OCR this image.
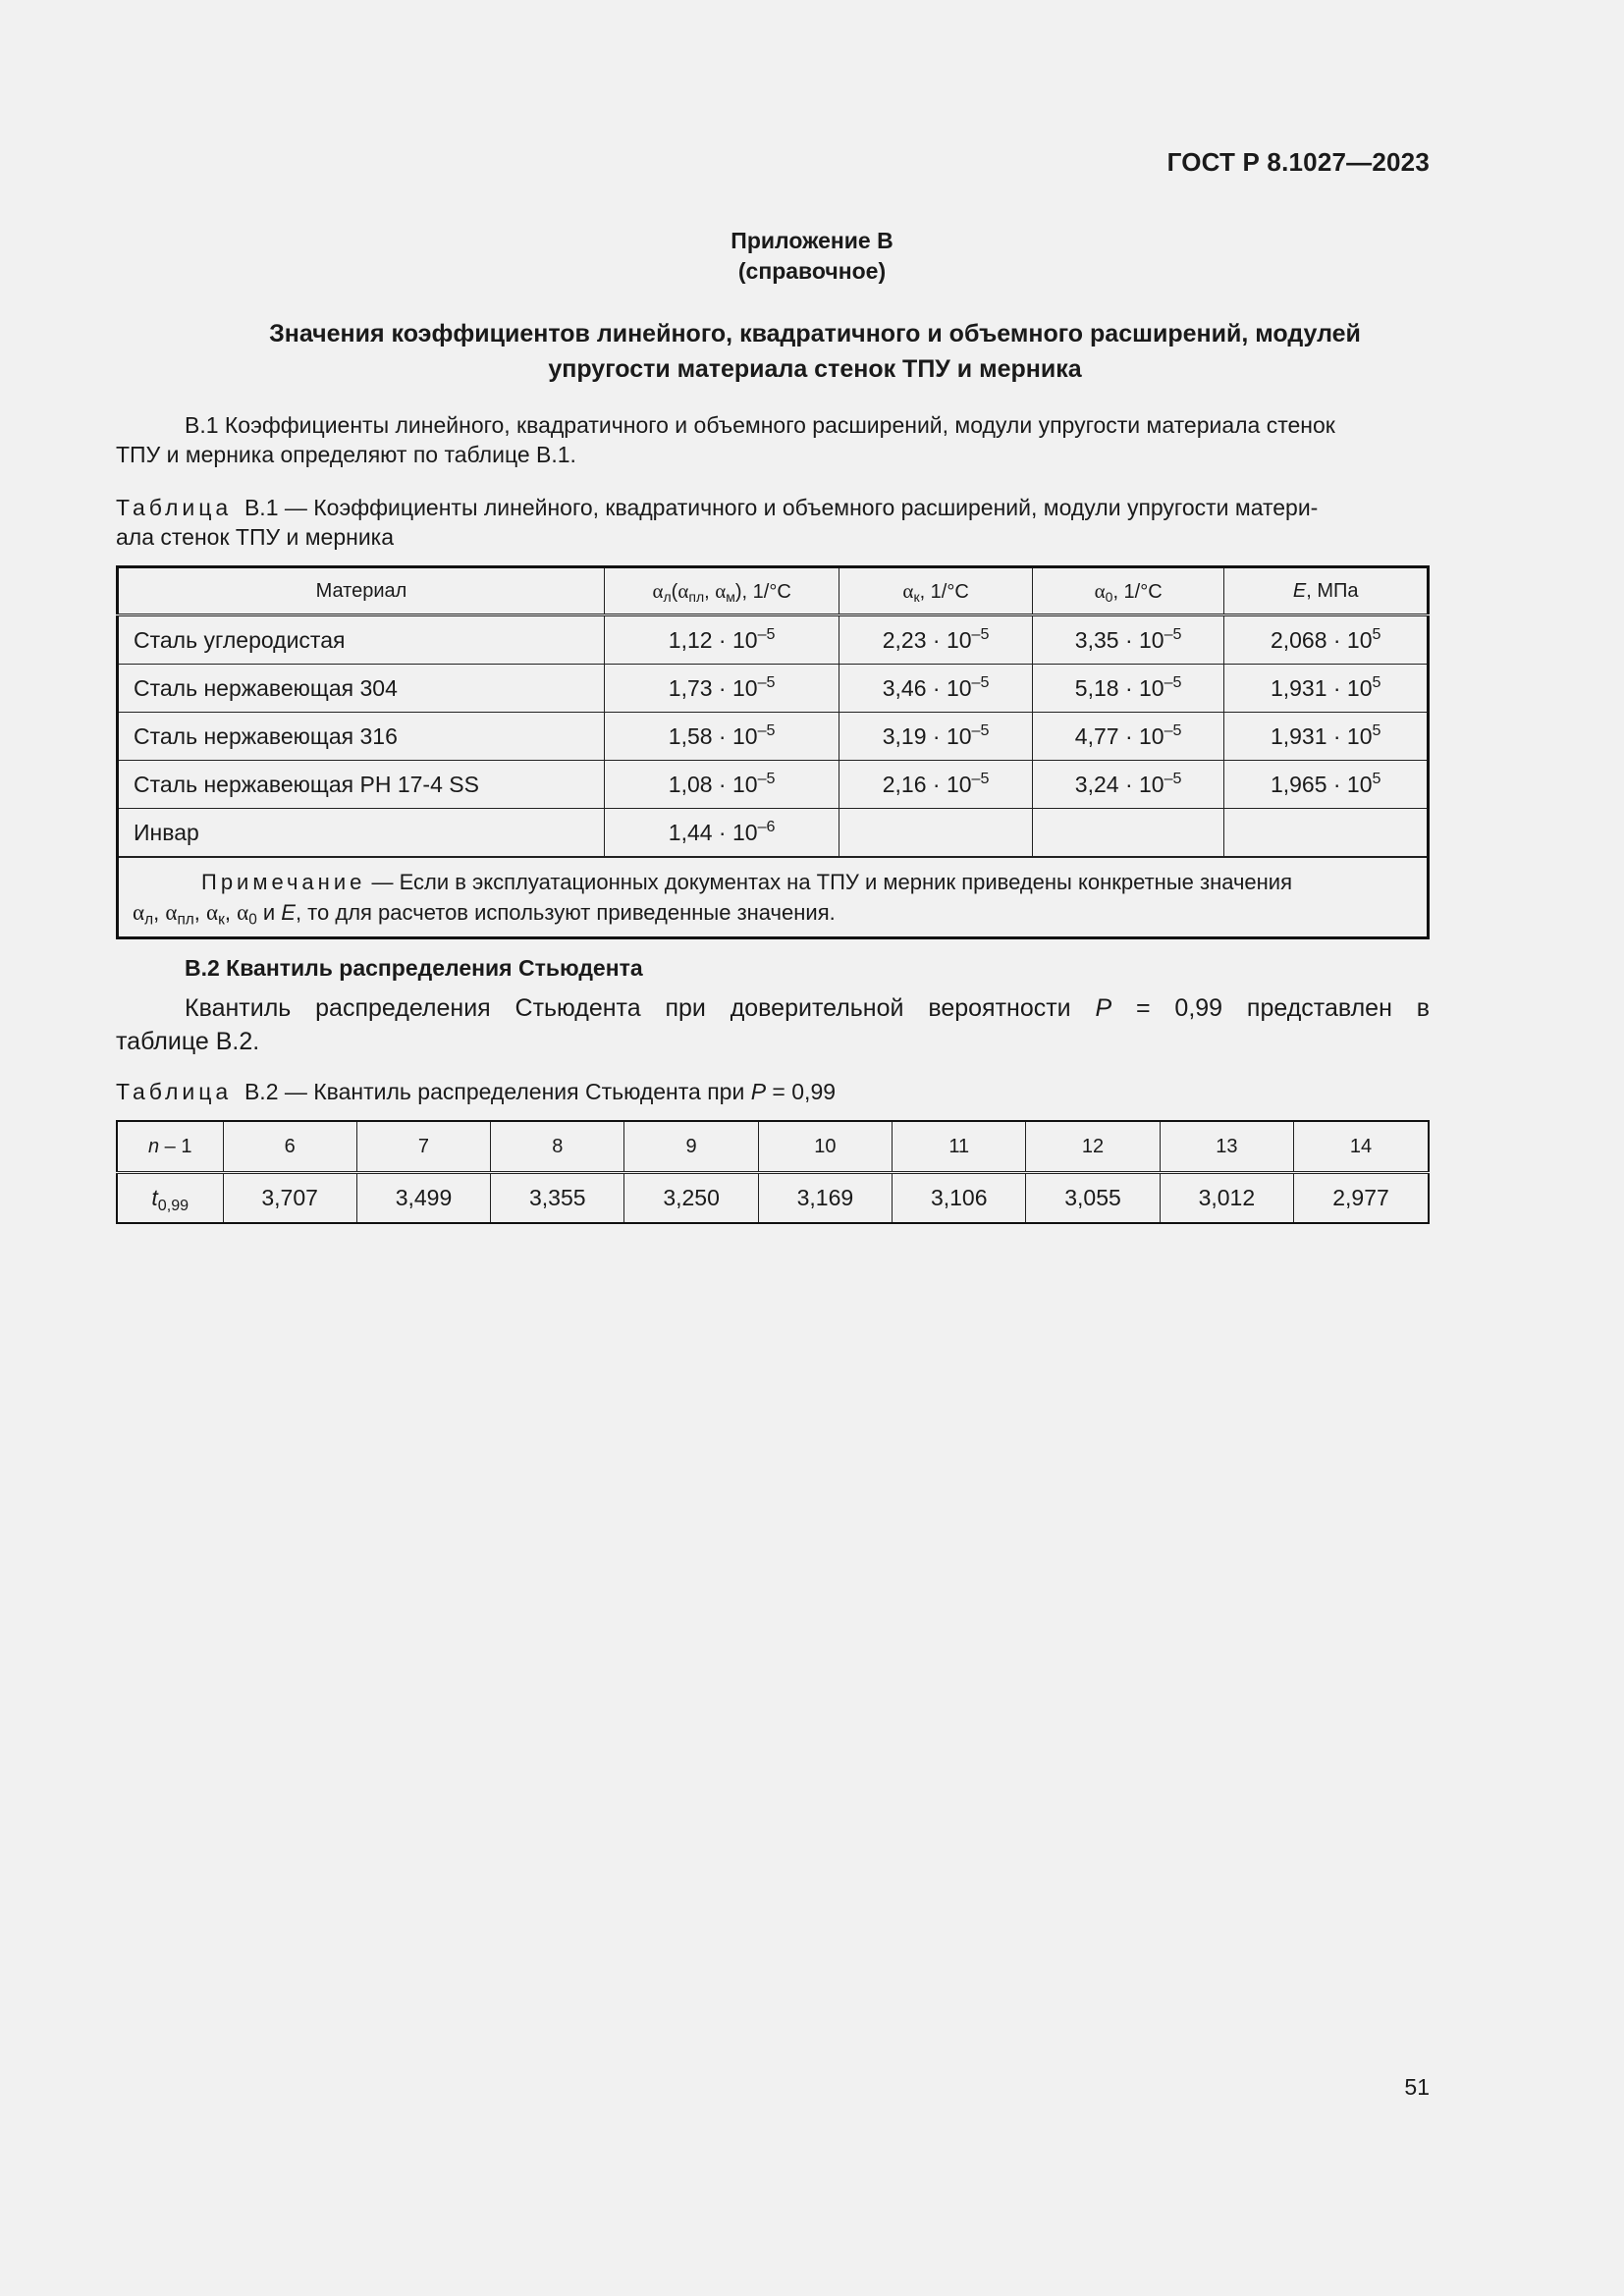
ГОСТ Р 8.1027—2023
Приложение В
(справочное)
Значения коэффициентов линейного, квадратичного и объемного расширений, модулей
упругости материала стенок ТПУ и мерника
В.1 Коэффициенты линейного, квадратичного и объемного расширений, модули упругости материала стенок
ТПУ и мерника определяют по таблице В.1.
Таблица В.1 — Коэффициенты линейного, квадратичного и объемного расширений, модули упругости матери-
ала стенок ТПУ и мерника
Материал	$\alpha_л(\alpha_{пл}$, $\alpha_м$), 1/°С	$\alpha_к$, 1/°С	$\alpha_0$, 1/°С	E, МПа
Сталь углеродистая	$1,12 \cdot 10^{-5}$	$2,23 \cdot 10^{-5}$	$3,35 \cdot 10^{-5}$	$2,068 \cdot 10^5$
Сталь нержавеющая 304	$1,73 \cdot 10^{-5}$	$3,46 \cdot 10^{-5}$	$5,18 \cdot 10^{-5}$	$1,931 \cdot 10^5$
Сталь нержавеющая 316	$1,58 \cdot 10^{-5}$	$3,19 \cdot 10^{-5}$	$4,77 \cdot 10^{-5}$	$1,931 \cdot 10^5$
Сталь нержавеющая РН 17-4 SS	$1,08 \cdot 10^{-5}$	$2,16 \cdot 10^{-5}$	$3,24 \cdot 10^{-5}$	$1,965 \cdot 10^5$
Инвар	$1,44 \cdot 10^{-6}$			

Примечание — Если в эксплуатационных документах на ТПУ и мерник приведены конкретные значения
$\alpha_л$, $\alpha_{пл}$, $\alpha_к$, $\alpha_0$ и E, то для расчетов используют приведенные значения.				
В.2 Квантиль распределения Стьюдента
Квантиль распределения Стьюдента при доверительной вероятности P = 0,99 представлен в
таблице В.2.
Таблица В.2 — Квантиль распределения Стьюдента при P = 0,99
n – 1	6	7	8	9	10	11	12	13	14
$t_{0,99}$	3,707	3,499	3,355	3,250	3,169	3,106	3,055	3,012	2,977
51
